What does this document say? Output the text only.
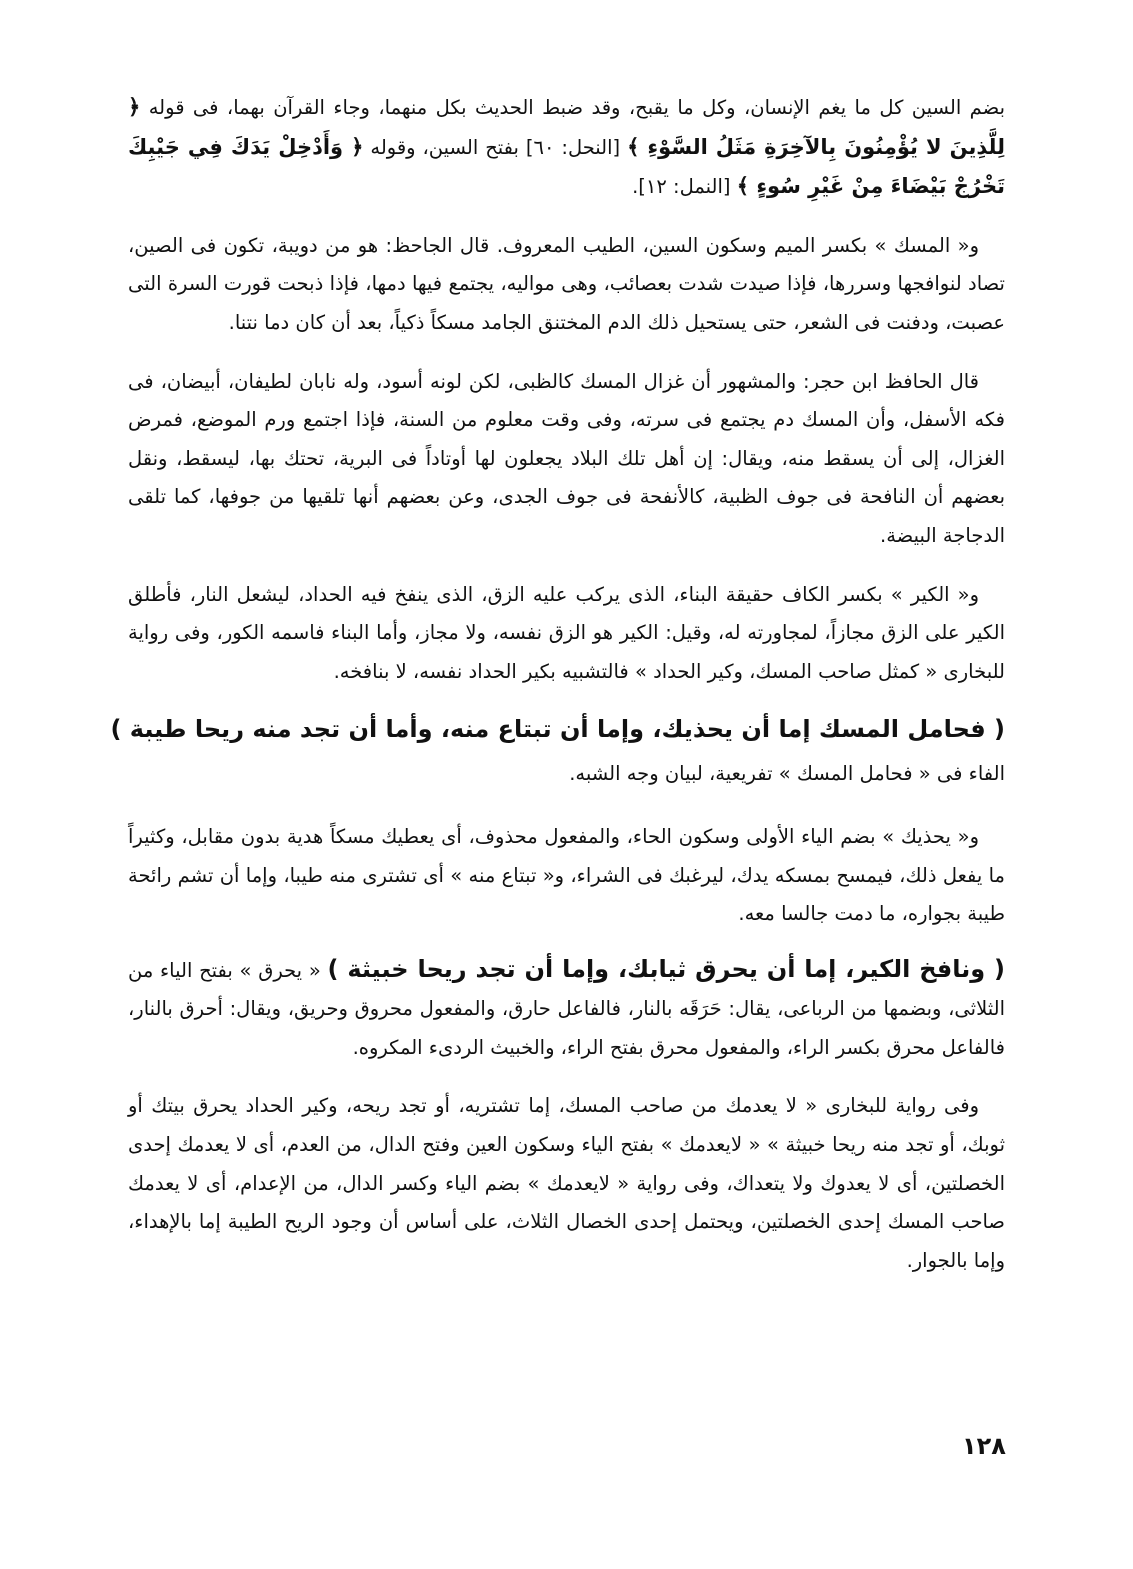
بضم السين كل ما يغم الإنسان، وكل ما يقبح، وقد ضبط الحديث بكل منهما، وجاء القرآن بهما، فى قوله ﴿ لِلَّذِينَ لا يُؤْمِنُونَ بِالآخِرَةِ مَثَلُ السَّوْءِ ﴾ [النحل: ٦٠] بفتح السين، وقوله ﴿ وَأَدْخِلْ يَدَكَ فِي جَيْبِكَ تَخْرُجْ بَيْضَاءَ مِنْ غَيْرِ سُوءٍ ﴾ [النمل: ١٢].

و« المسك » بكسر الميم وسكون السين، الطيب المعروف. قال الجاحظ: هو من دويبة، تكون فى الصين، تصاد لنوافجها وسررها، فإذا صيدت شدت بعصائب، وهى مواليه، يجتمع فيها دمها، فإذا ذبحت قورت السرة التى عصبت، ودفنت فى الشعر، حتى يستحيل ذلك الدم المختنق الجامد مسكاً ذكياً، بعد أن كان دما نتنا.

قال الحافظ ابن حجر: والمشهور أن غزال المسك كالظبى، لكن لونه أسود، وله نابان لطيفان، أبيضان، فى فكه الأسفل، وأن المسك دم يجتمع فى سرته، وفى وقت معلوم من السنة، فإذا اجتمع ورم الموضع، فمرض الغزال، إلى أن يسقط منه، ويقال: إن أهل تلك البلاد يجعلون لها أوتاداً فى البرية، تحتك بها، ليسقط، ونقل بعضهم أن النافحة فى جوف الظبية، كالأنفحة فى جوف الجدى، وعن بعضهم أنها تلقيها من جوفها، كما تلقى الدجاجة البيضة.

و« الكير » بكسر الكاف حقيقة البناء، الذى يركب عليه الزق، الذى ينفخ فيه الحداد، ليشعل النار، فأطلق الكير على الزق مجازاً، لمجاورته له، وقيل: الكير هو الزق نفسه، ولا مجاز، وأما البناء فاسمه الكور، وفى رواية للبخارى « كمثل صاحب المسك، وكير الحداد » فالتشبيه بكير الحداد نفسه، لا بنافخه.

( فحامل المسك إما أن يحذيك، وإما أن تبتاع منه، وأما أن تجد منه ريحا طيبة )

الفاء فى « فحامل المسك » تفريعية، لبيان وجه الشبه.

و« يحذيك » بضم الياء الأولى وسكون الحاء، والمفعول محذوف، أى يعطيك مسكاً هدية بدون مقابل، وكثيراً ما يفعل ذلك، فيمسح بمسكه يدك، ليرغبك فى الشراء، و« تبتاع منه » أى تشترى منه طيبا، وإما أن تشم رائحة طيبة بجواره، ما دمت جالسا معه.

( ونافخ الكير، إما أن يحرق ثيابك، وإما أن تجد ريحا خبيثة ) « يحرق » بفتح الياء من الثلاثى، وبضمها من الرباعى، يقال: حَرَقَه بالنار، فالفاعل حارق، والمفعول محروق وحريق، ويقال: أحرق بالنار، فالفاعل محرق بكسر الراء، والمفعول محرق بفتح الراء، والخبيث الردىء المكروه.

وفى رواية للبخارى « لا يعدمك من صاحب المسك، إما تشتريه، أو تجد ريحه، وكير الحداد يحرق بيتك أو ثوبك، أو تجد منه ريحا خبيثة » « لايعدمك » بفتح الياء وسكون العين وفتح الدال، من العدم، أى لا يعدمك إحدى الخصلتين، أى لا يعدوك ولا يتعداك، وفى رواية « لايعدمك » بضم الياء وكسر الدال، من الإعدام، أى لا يعدمك صاحب المسك إحدى الخصلتين، ويحتمل إحدى الخصال الثلاث، على أساس أن وجود الريح الطيبة إما بالإهداء، وإما بالجوار.

١٢٨
